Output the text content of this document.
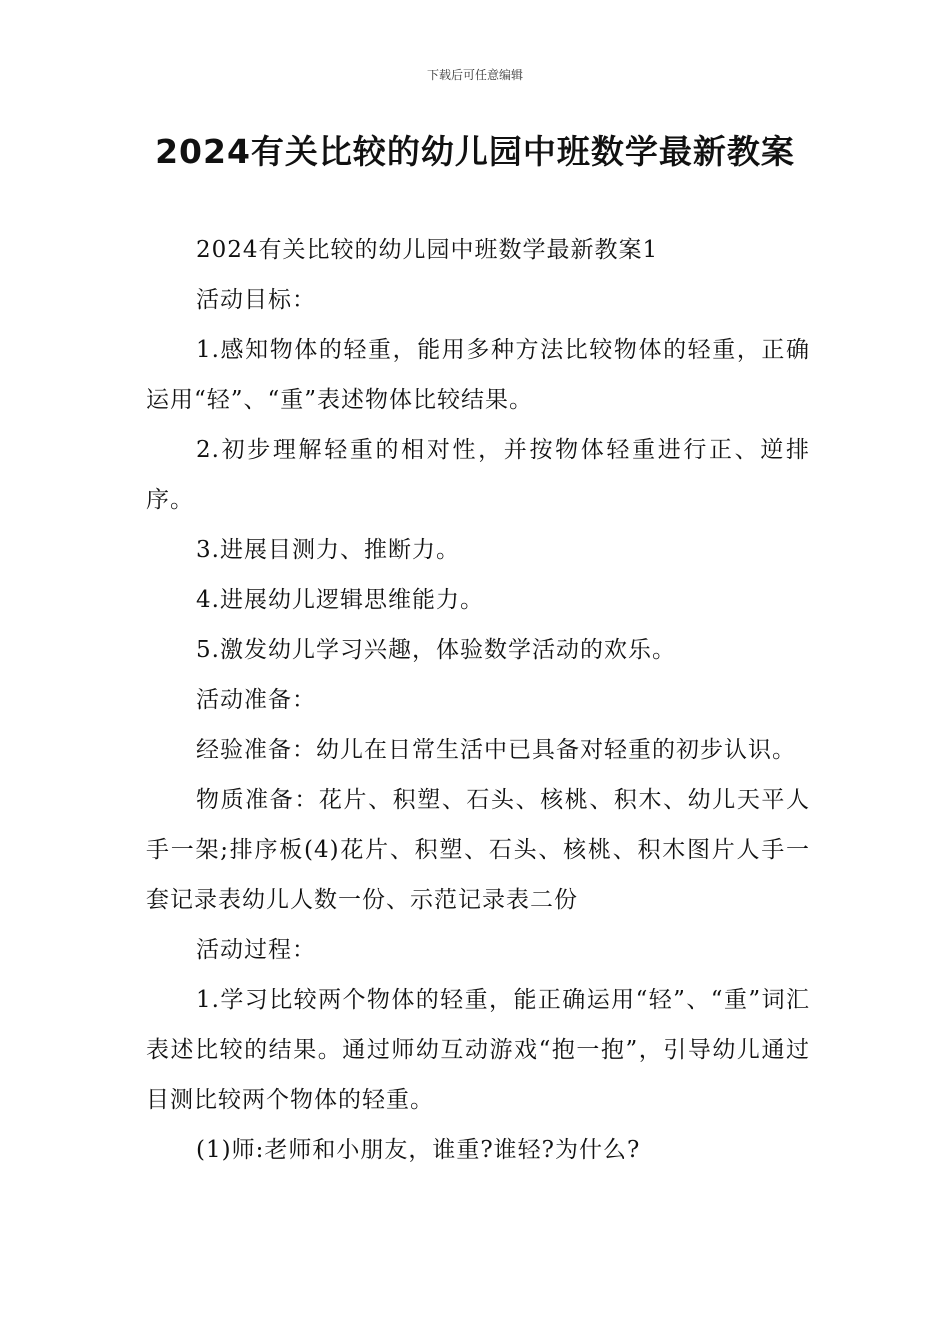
下载后可任意编辑
2024有关比较的幼儿园中班数学最新教案

2024有关比较的幼儿园中班数学最新教案1

活动目标：

1.感知物体的轻重，能用多种方法比较物体的轻重，正确运用“轻”、“重”表述物体比较结果。

2.初步理解轻重的相对性，并按物体轻重进行正、逆排序。

3.进展目测力、推断力。

4.进展幼儿逻辑思维能力。

5.激发幼儿学习兴趣，体验数学活动的欢乐。

活动准备：

经验准备：幼儿在日常生活中已具备对轻重的初步认识。

物质准备：花片、积塑、石头、核桃、积木、幼儿天平人手一架;排序板(4)花片、积塑、石头、核桃、积木图片人手一套记录表幼儿人数一份、示范记录表二份

活动过程：

1.学习比较两个物体的轻重，能正确运用“轻”、“重”词汇表述比较的结果。通过师幼互动游戏“抱一抱”，引导幼儿通过目测比较两个物体的轻重。

(1)师:老师和小朋友，谁重?谁轻?为什么?
